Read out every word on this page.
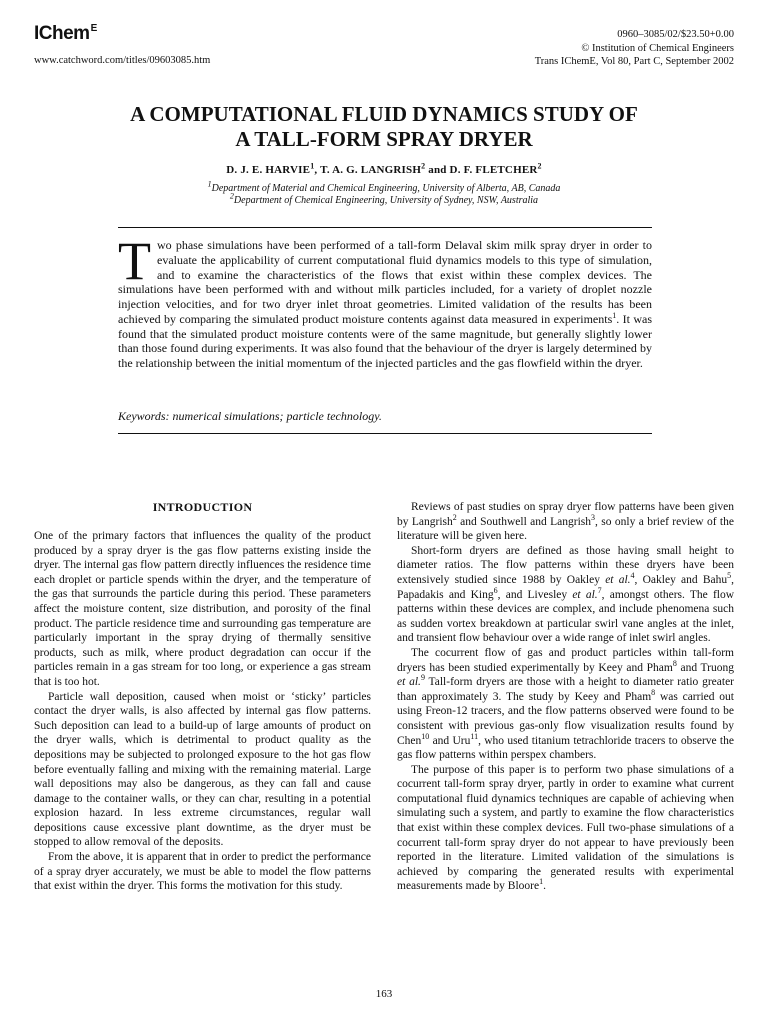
IChem$^E$
www.catchword.com/titles/09603085.htm
0960–3085/02/$23.50+0.00
© Institution of Chemical Engineers
Trans IChemE, Vol 80, Part C, September 2002
A COMPUTATIONAL FLUID DYNAMICS STUDY OF
A TALL-FORM SPRAY DRYER
D. J. E. HARVIE$^1$, T. A. G. LANGRISH$^2$ and D. F. FLETCHER$^2$
$^1$Department of Material and Chemical Engineering, University of Alberta, AB, Canada
$^2$Department of Chemical Engineering, University of Sydney, NSW, Australia
Two phase simulations have been performed of a tall-form Delaval skim milk spray dryer in order to evaluate the applicability of current computational fluid dynamics models to this type of simulation, and to examine the characteristics of the flows that exist within these complex devices. The simulations have been performed with and without milk particles included, for a variety of droplet nozzle injection velocities, and for two dryer inlet throat geometries. Limited validation of the results has been achieved by comparing the simulated product moisture contents against data measured in experiments$^1$. It was found that the simulated product moisture contents were of the same magnitude, but generally slightly lower than those found during experiments. It was also found that the behaviour of the dryer is largely determined by the relationship between the initial momentum of the injected particles and the gas flowfield within the dryer.
Keywords: numerical simulations; particle technology.
INTRODUCTION

One of the primary factors that influences the quality of the product produced by a spray dryer is the gas flow patterns existing inside the dryer. The internal gas flow pattern directly influences the residence time each droplet or particle spends within the dryer, and the temperature of the gas that surrounds the particle during this period. These parameters affect the moisture content, size distribution, and porosity of the final product. The particle residence time and surrounding gas temperature are particularly important in the spray drying of thermally sensitive products, such as milk, where product degradation can occur if the particles remain in a gas stream for too long, or experience a gas stream that is too hot.

Particle wall deposition, caused when moist or ‘sticky’ particles contact the dryer walls, is also affected by internal gas flow patterns. Such deposition can lead to a build-up of large amounts of product on the dryer walls, which is detrimental to product quality as the depositions may be subjected to prolonged exposure to the hot gas flow before eventually falling and mixing with the remaining material. Large wall depositions may also be dangerous, as they can fall and cause damage to the container walls, or they can char, resulting in a potential explosion hazard. In less extreme circumstances, regular wall depositions cause excessive plant downtime, as the dryer must be stopped to allow removal of the deposits.

From the above, it is apparent that in order to predict the performance of a spray dryer accurately, we must be able to model the flow patterns that exist within the dryer. This forms the motivation for this study.

Reviews of past studies on spray dryer flow patterns have been given by Langrish$^2$ and Southwell and Langrish$^3$, so only a brief review of the literature will be given here.

Short-form dryers are defined as those having small height to diameter ratios. The flow patterns within these dryers have been extensively studied since 1988 by Oakley et al.$^4$, Oakley and Bahu$^5$, Papadakis and King$^6$, and Livesley et al.$^7$, amongst others. The flow patterns within these devices are complex, and include phenomena such as sudden vortex breakdown at particular swirl vane angles at the inlet, and transient flow behaviour over a wide range of inlet swirl angles.

The cocurrent flow of gas and product particles within tall-form dryers has been studied experimentally by Keey and Pham$^8$ and Truong et al.$^9$ Tall-form dryers are those with a height to diameter ratio greater than approximately 3. The study by Keey and Pham$^8$ was carried out using Freon-12 tracers, and the flow patterns observed were found to be consistent with previous gas-only flow visualization results found by Chen$^{10}$ and Uru$^{11}$, who used titanium tetrachloride tracers to observe the gas flow patterns within perspex chambers.

The purpose of this paper is to perform two phase simulations of a cocurrent tall-form spray dryer, partly in order to examine what current computational fluid dynamics techniques are capable of achieving when simulating such a system, and partly to examine the flow characteristics that exist within these complex devices. Full two-phase simulations of a cocurrent tall-form spray dryer do not appear to have previously been reported in the literature. Limited validation of the simulations is achieved by comparing the generated results with experimental measurements made by Bloore$^1$.

163
